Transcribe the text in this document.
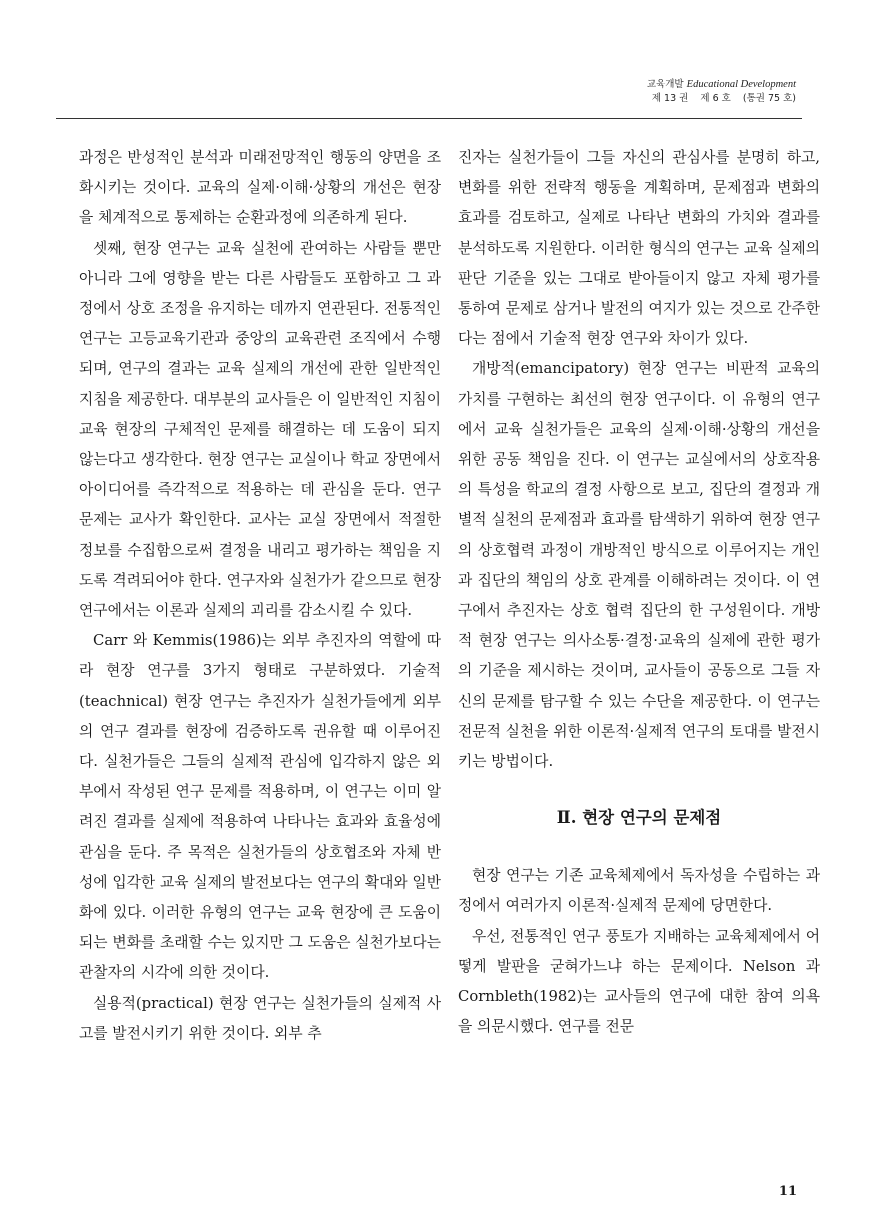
교육개발 Educational Development
제 13 권    제 6 호    (통권 75 호)

과정은 반성적인 분석과 미래전망적인 행동의 양면을 조화시키는 것이다. 교육의 실제·이해·상황의 개선은 현장을 체계적으로 통제하는 순환과정에 의존하게 된다.

셋째, 현장 연구는 교육 실천에 관여하는 사람들 뿐만 아니라 그에 영향을 받는 다른 사람들도 포함하고 그 과정에서 상호 조정을 유지하는 데까지 연관된다. 전통적인 연구는 고등교육기관과 중앙의 교육관련 조직에서 수행되며, 연구의 결과는 교육 실제의 개선에 관한 일반적인 지침을 제공한다. 대부분의 교사들은 이 일반적인 지침이 교육 현장의 구체적인 문제를 해결하는 데 도움이 되지 않는다고 생각한다. 현장 연구는 교실이나 학교 장면에서 아이디어를 즉각적으로 적용하는 데 관심을 둔다. 연구 문제는 교사가 확인한다. 교사는 교실 장면에서 적절한 정보를 수집함으로써 결정을 내리고 평가하는 책임을 지도록 격려되어야 한다. 연구자와 실천가가 같으므로 현장 연구에서는 이론과 실제의 괴리를 감소시킬 수 있다.

Carr 와 Kemmis(1986)는 외부 추진자의 역할에 따라 현장 연구를 3가지 형태로 구분하였다. 기술적(teachnical) 현장 연구는 추진자가 실천가들에게 외부의 연구 결과를 현장에 검증하도록 권유할 때 이루어진다. 실천가들은 그들의 실제적 관심에 입각하지 않은 외부에서 작성된 연구 문제를 적용하며, 이 연구는 이미 알려진 결과를 실제에 적용하여 나타나는 효과와 효율성에 관심을 둔다. 주 목적은 실천가들의 상호협조와 자체 반성에 입각한 교육 실제의 발전보다는 연구의 확대와 일반화에 있다. 이러한 유형의 연구는 교육 현장에 큰 도움이 되는 변화를 초래할 수는 있지만 그 도움은 실천가보다는 관찰자의 시각에 의한 것이다.

실용적(practical) 현장 연구는 실천가들의 실제적 사고를 발전시키기 위한 것이다. 외부 추

진자는 실천가들이 그들 자신의 관심사를 분명히 하고, 변화를 위한 전략적 행동을 계획하며, 문제점과 변화의 효과를 검토하고, 실제로 나타난 변화의 가치와 결과를 분석하도록 지원한다. 이러한 형식의 연구는 교육 실제의 판단 기준을 있는 그대로 받아들이지 않고 자체 평가를 통하여 문제로 삼거나 발전의 여지가 있는 것으로 간주한다는 점에서 기술적 현장 연구와 차이가 있다.

개방적(emancipatory) 현장 연구는 비판적 교육의 가치를 구현하는 최선의 현장 연구이다. 이 유형의 연구에서 교육 실천가들은 교육의 실제·이해·상황의 개선을 위한 공동 책임을 진다. 이 연구는 교실에서의 상호작용의 특성을 학교의 결정 사항으로 보고, 집단의 결정과 개별적 실천의 문제점과 효과를 탐색하기 위하여 현장 연구의 상호협력 과정이 개방적인 방식으로 이루어지는 개인과 집단의 책임의 상호 관계를 이해하려는 것이다. 이 연구에서 추진자는 상호 협력 집단의 한 구성원이다. 개방적 현장 연구는 의사소통·결정·교육의 실제에 관한 평가의 기준을 제시하는 것이며, 교사들이 공동으로 그들 자신의 문제를 탐구할 수 있는 수단을 제공한다. 이 연구는 전문적 실천을 위한 이론적·실제적 연구의 토대를 발전시키는 방법이다.

Ⅱ. 현장 연구의 문제점

현장 연구는 기존 교육체제에서 독자성을 수립하는 과정에서 여러가지 이론적·실제적 문제에 당면한다.

우선, 전통적인 연구 풍토가 지배하는 교육체제에서 어떻게 발판을 굳혀가느냐 하는 문제이다. Nelson 과 Cornbleth(1982)는 교사들의 연구에 대한 참여 의욕을 의문시했다. 연구를 전문

11
